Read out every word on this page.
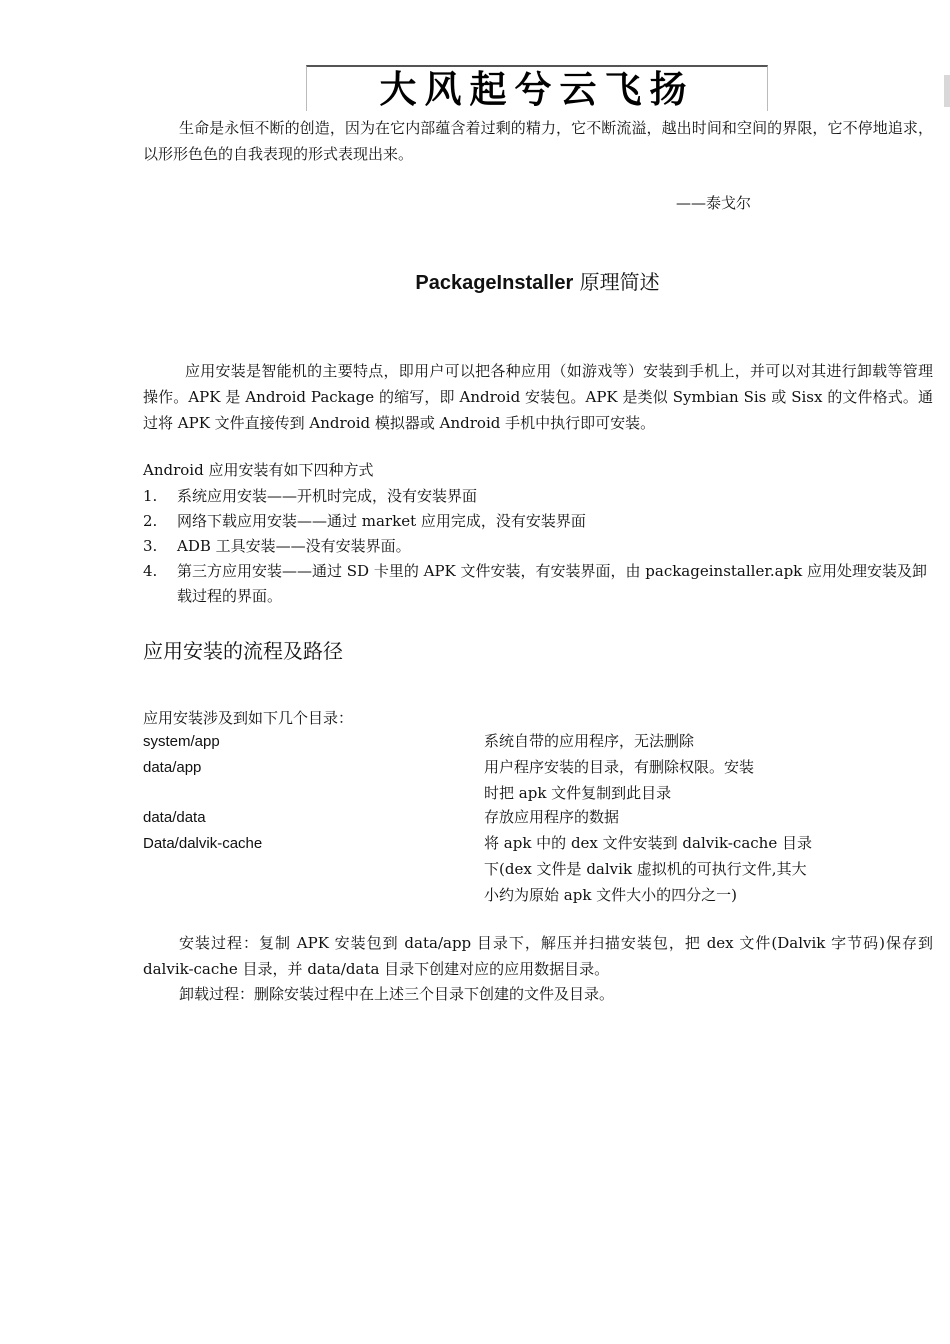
大风起兮云飞扬

生命是永恒不断的创造，因为在它内部蕴含着过剩的精力，它不断流溢，越出时间和空间的界限，它不停地追求，以形形色色的自我表现的形式表现出来。

——泰戈尔
PackageInstaller 原理简述

应用安装是智能机的主要特点，即用户可以把各种应用（如游戏等）安装到手机上，并可以对其进行卸载等管理操作。APK 是 Android Package 的缩写，即 Android 安装包。APK 是类似 Symbian Sis 或 Sisx 的文件格式。通过将 APK 文件直接传到 Android 模拟器或 Android 手机中执行即可安装。

Android 应用安装有如下四种方式

1. 系统应用安装——开机时完成，没有安装界面
2. 网络下载应用安装——通过 market 应用完成，没有安装界面
3. ADB 工具安装——没有安装界面。
4. 第三方应用安装——通过 SD 卡里的 APK 文件安装，有安装界面，由 packageinstaller.apk 应用处理安装及卸载过程的界面。
应用安装的流程及路径

应用安装涉及到如下几个目录：

system/app	系统自带的应用程序，无法删除
data/app	用户程序安装的目录，有删除权限。安装时把 apk 文件复制到此目录
data/data	存放应用程序的数据
Data/dalvik-cache	将 apk 中的 dex 文件安装到 dalvik-cache 目录下(dex 文件是 dalvik 虚拟机的可执行文件,其大小约为原始 apk 文件大小的四分之一)

安装过程：复制 APK 安装包到 data/app 目录下，解压并扫描安装包，把 dex 文件(Dalvik 字节码)保存到 dalvik-cache 目录，并 data/data 目录下创建对应的应用数据目录。

卸载过程：删除安装过程中在上述三个目录下创建的文件及目录。
